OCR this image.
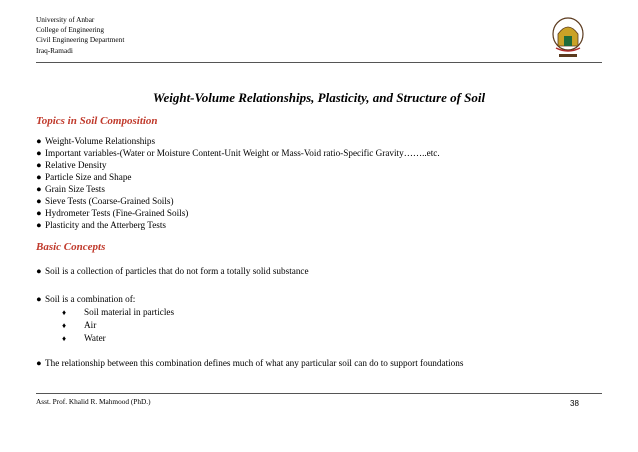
University of Anbar
College of Engineering
Civil Engineering Department
Iraq-Ramadi
Weight-Volume Relationships, Plasticity, and Structure of Soil
Topics in Soil Composition
● Weight-Volume Relationships
● Important variables-(Water or Moisture Content-Unit Weight or Mass-Void ratio-Specific Gravity……..etc.
● Relative Density
● Particle Size and Shape
● Grain Size Tests
● Sieve Tests (Coarse-Grained Soils)
● Hydrometer Tests (Fine-Grained Soils)
● Plasticity and the Atterberg Tests
Basic Concepts
● Soil is a collection of particles that do not form a totally solid substance
● Soil is a combination of:
♦ Soil material in particles
♦ Air
♦ Water
● The relationship between this combination defines much of what any particular soil can do to support foundations
Asst. Prof. Khalid R. Mahmood (PhD.)	38
